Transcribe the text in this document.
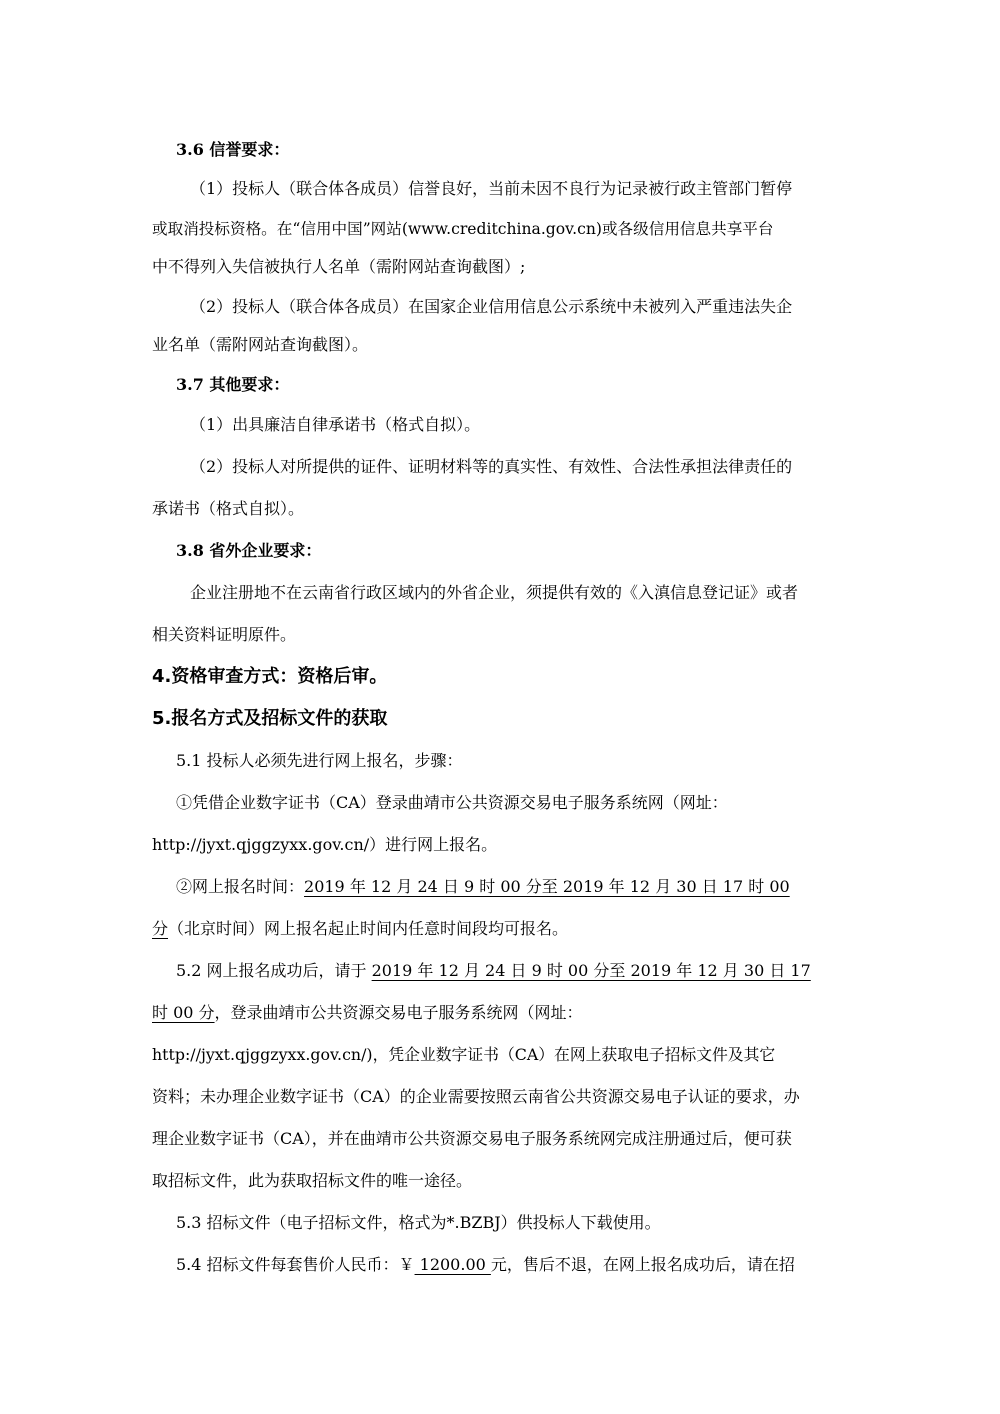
3.6 信誉要求：

（1）投标人（联合体各成员）信誉良好，当前未因不良行为记录被行政主管部门暂停

或取消投标资格。在“信用中国”网站(www.creditchina.gov.cn)或各级信用信息共享平台

中不得列入失信被执行人名单（需附网站查询截图）;

（2）投标人（联合体各成员）在国家企业信用信息公示系统中未被列入严重违法失企

业名单（需附网站查询截图）。

3.7 其他要求：

（1）出具廉洁自律承诺书（格式自拟）。

（2）投标人对所提供的证件、证明材料等的真实性、有效性、合法性承担法律责任的

承诺书（格式自拟）。

3.8 省外企业要求：

企业注册地不在云南省行政区域内的外省企业，须提供有效的《入滇信息登记证》或者

相关资料证明原件。

4.资格审查方式：资格后审。

5.报名方式及招标文件的获取

5.1 投标人必须先进行网上报名，步骤：

①凭借企业数字证书（CA）登录曲靖市公共资源交易电子服务系统网（网址：

http://jyxt.qjggzyxx.gov.cn/）进行网上报名。

②网上报名时间：2019 年 12 月 24 日 9 时 00 分至 2019 年 12 月 30 日 17 时 00

分（北京时间）网上报名起止时间内任意时间段均可报名。

5.2 网上报名成功后，请于 2019 年 12 月 24 日 9 时 00 分至 2019 年 12 月 30 日 17

时 00 分，登录曲靖市公共资源交易电子服务系统网（网址：

http://jyxt.qjggzyxx.gov.cn/)，凭企业数字证书（CA）在网上获取电子招标文件及其它

资料；未办理企业数字证书（CA）的企业需要按照云南省公共资源交易电子认证的要求，办

理企业数字证书（CA），并在曲靖市公共资源交易电子服务系统网完成注册通过后，便可获

取招标文件，此为获取招标文件的唯一途径。

5.3 招标文件（电子招标文件，格式为*.BZBJ）供投标人下载使用。

5.4 招标文件每套售价人民币：￥ 1200.00 元，售后不退，在网上报名成功后，请在招
